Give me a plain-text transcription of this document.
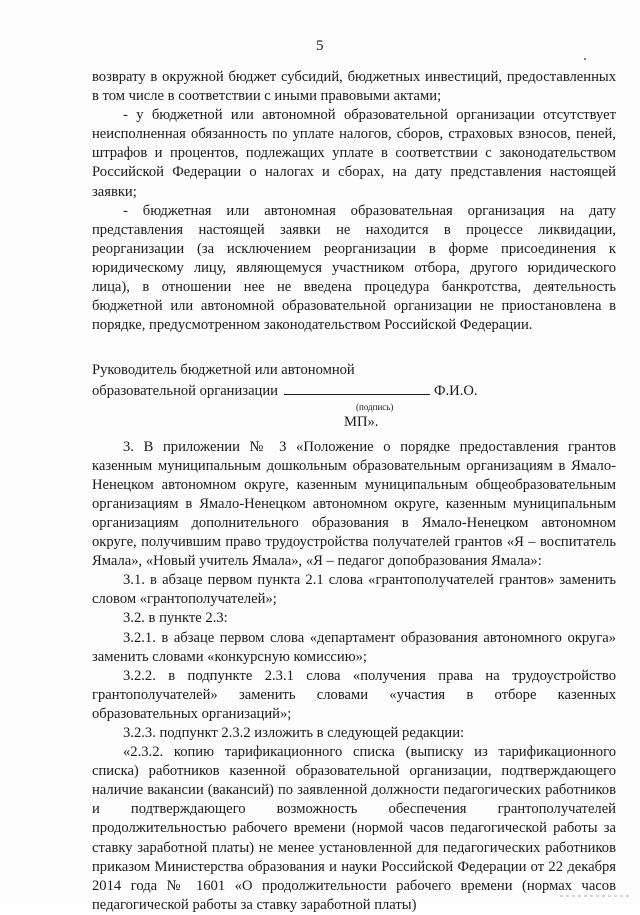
5

возврату в окружной бюджет субсидий, бюджетных инвестиций, предоставленных в том числе в соответствии с иными правовыми актами;

- у бюджетной или автономной образовательной организации отсутствует неисполненная обязанность по уплате налогов, сборов, страховых взносов, пеней, штрафов и процентов, подлежащих уплате в соответствии с законодательством Российской Федерации о налогах и сборах, на дату представления настоящей заявки;

- бюджетная или автономная образовательная организация на дату представления настоящей заявки не находится в процессе ликвидации, реорганизации (за исключением реорганизации в форме присоединения к юридическому лицу, являющемуся участником отбора, другого юридического лица), в отношении нее не введена процедура банкротства, деятельность бюджетной или автономной образовательной организации не приостановлена в порядке, предусмотренном законодательством Российской Федерации.

Руководитель бюджетной или автономной
образовательной организации	Ф.И.О.
(подпись)
МП».

3. В приложении № 3 «Положение о порядке предоставления грантов казенным муниципальным дошкольным образовательным организациям в Ямало-Ненецком автономном округе, казенным муниципальным общеобразовательным организациям в Ямало-Ненецком автономном округе, казенным муниципальным организациям дополнительного образования в Ямало-Ненецком автономном округе, получившим право трудоустройства получателей грантов «Я – воспитатель Ямала», «Новый учитель Ямала», «Я – педагог допобразования Ямала»:

3.1. в абзаце первом пункта 2.1 слова «грантополучателей грантов» заменить словом «грантополучателей»;

3.2. в пункте 2.3:

3.2.1. в абзаце первом слова «департамент образования автономного округа» заменить словами «конкурсную комиссию»;

3.2.2. в подпункте 2.3.1 слова «получения права на трудоустройство грантополучателей» заменить словами «участия в отборе казенных образовательных организаций»;

3.2.3. подпункт 2.3.2 изложить в следующей редакции:

«2.3.2. копию тарификационного списка (выписку из тарификационного списка) работников казенной образовательной организации, подтверждающего наличие вакансии (вакансий) по заявленной должности педагогических работников и подтверждающего возможность обеспечения грантополучателей продолжительностью рабочего времени (нормой часов педагогической работы за ставку заработной платы) не менее установленной для педагогических работников приказом Министерства образования и науки Российской Федерации от 22 декабря 2014 года № 1601 «О продолжительности рабочего времени (нормах часов педагогической работы за ставку заработной платы)
